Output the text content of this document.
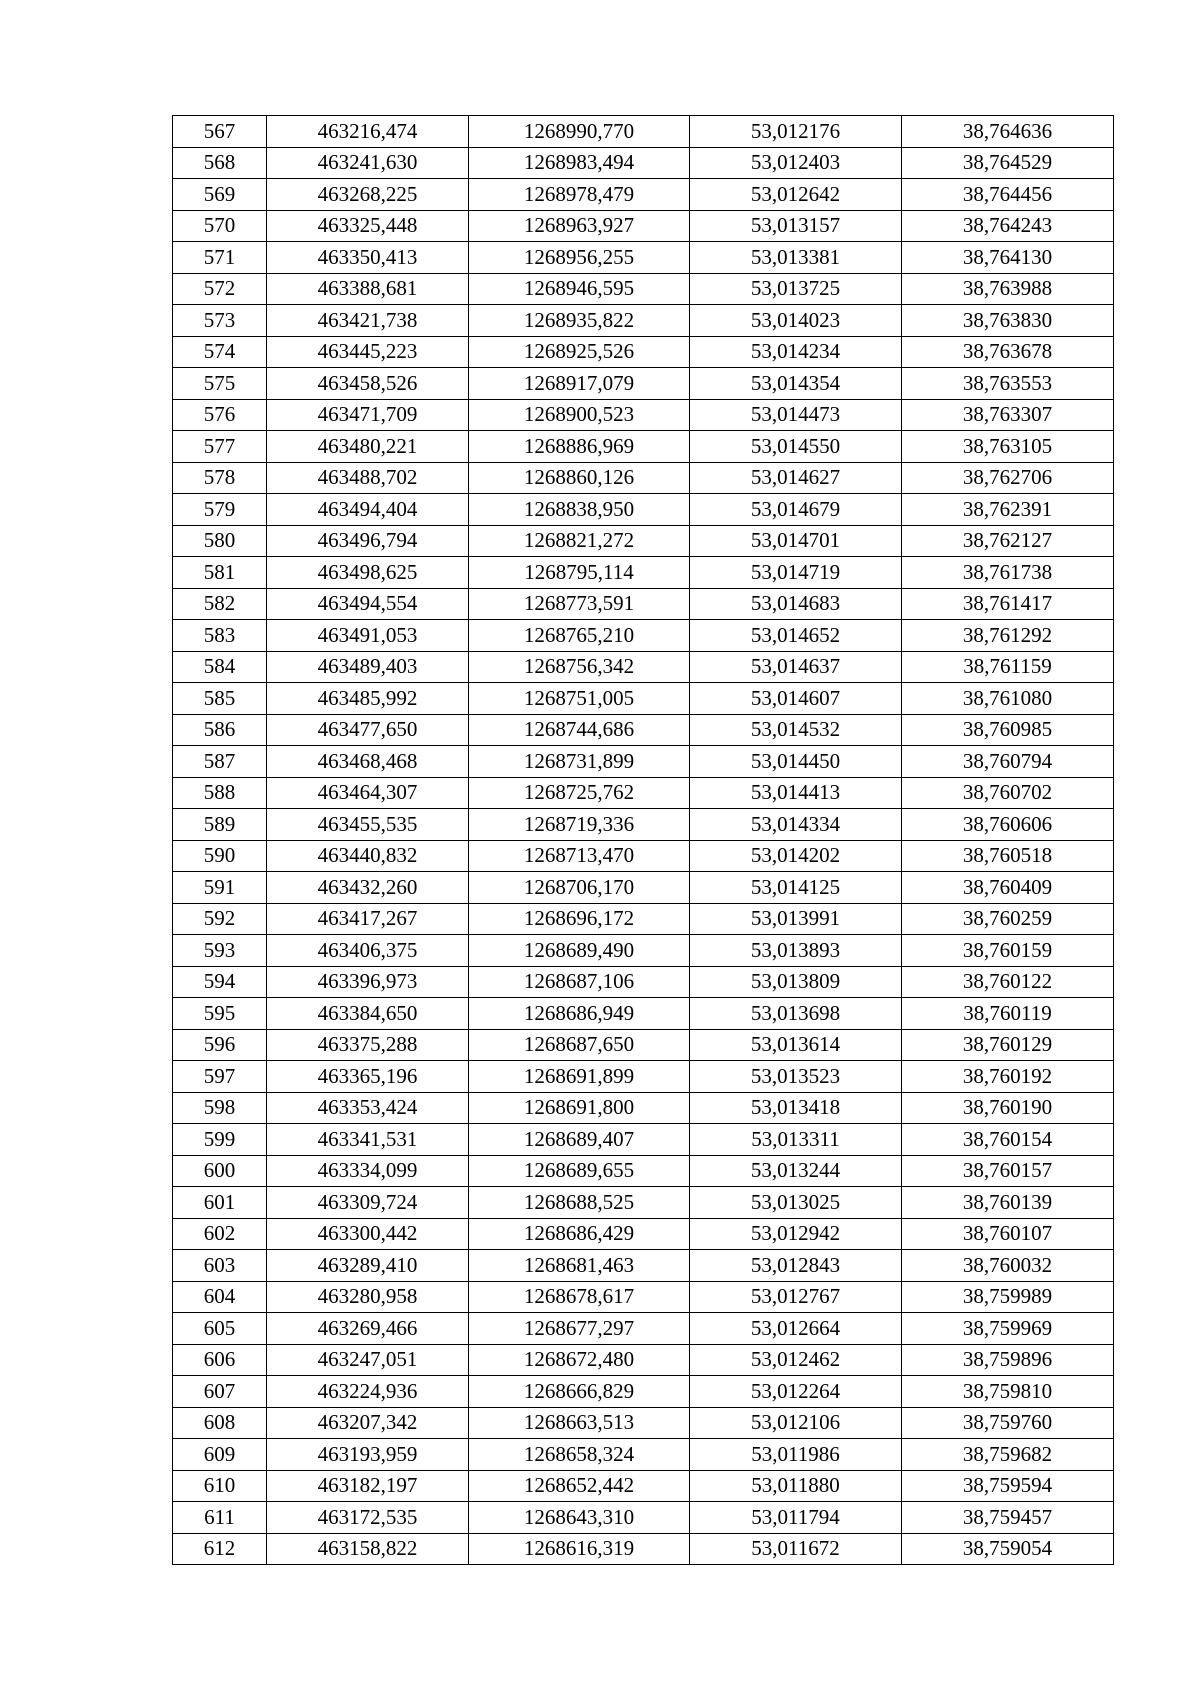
567	463216,474	1268990,770	53,012176	38,764636
568	463241,630	1268983,494	53,012403	38,764529
569	463268,225	1268978,479	53,012642	38,764456
570	463325,448	1268963,927	53,013157	38,764243
571	463350,413	1268956,255	53,013381	38,764130
572	463388,681	1268946,595	53,013725	38,763988
573	463421,738	1268935,822	53,014023	38,763830
574	463445,223	1268925,526	53,014234	38,763678
575	463458,526	1268917,079	53,014354	38,763553
576	463471,709	1268900,523	53,014473	38,763307
577	463480,221	1268886,969	53,014550	38,763105
578	463488,702	1268860,126	53,014627	38,762706
579	463494,404	1268838,950	53,014679	38,762391
580	463496,794	1268821,272	53,014701	38,762127
581	463498,625	1268795,114	53,014719	38,761738
582	463494,554	1268773,591	53,014683	38,761417
583	463491,053	1268765,210	53,014652	38,761292
584	463489,403	1268756,342	53,014637	38,761159
585	463485,992	1268751,005	53,014607	38,761080
586	463477,650	1268744,686	53,014532	38,760985
587	463468,468	1268731,899	53,014450	38,760794
588	463464,307	1268725,762	53,014413	38,760702
589	463455,535	1268719,336	53,014334	38,760606
590	463440,832	1268713,470	53,014202	38,760518
591	463432,260	1268706,170	53,014125	38,760409
592	463417,267	1268696,172	53,013991	38,760259
593	463406,375	1268689,490	53,013893	38,760159
594	463396,973	1268687,106	53,013809	38,760122
595	463384,650	1268686,949	53,013698	38,760119
596	463375,288	1268687,650	53,013614	38,760129
597	463365,196	1268691,899	53,013523	38,760192
598	463353,424	1268691,800	53,013418	38,760190
599	463341,531	1268689,407	53,013311	38,760154
600	463334,099	1268689,655	53,013244	38,760157
601	463309,724	1268688,525	53,013025	38,760139
602	463300,442	1268686,429	53,012942	38,760107
603	463289,410	1268681,463	53,012843	38,760032
604	463280,958	1268678,617	53,012767	38,759989
605	463269,466	1268677,297	53,012664	38,759969
606	463247,051	1268672,480	53,012462	38,759896
607	463224,936	1268666,829	53,012264	38,759810
608	463207,342	1268663,513	53,012106	38,759760
609	463193,959	1268658,324	53,011986	38,759682
610	463182,197	1268652,442	53,011880	38,759594
611	463172,535	1268643,310	53,011794	38,759457
612	463158,822	1268616,319	53,011672	38,759054
